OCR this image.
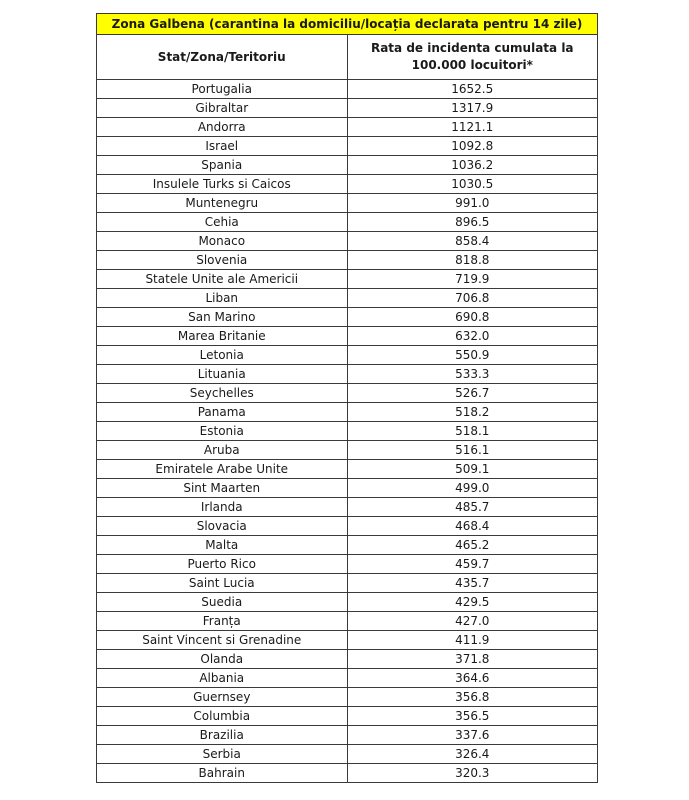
Zona Galbena (carantina la domiciliu/locația declarata pentru 14 zile)	
Stat/Zona/Teritoriu	Rata de incidenta cumulata la
100.000 locuitori*
Portugalia	1652.5
Gibraltar	1317.9
Andorra	1121.1
Israel	1092.8
Spania	1036.2
Insulele Turks si Caicos	1030.5
Muntenegru	991.0
Cehia	896.5
Monaco	858.4
Slovenia	818.8
Statele Unite ale Americii	719.9
Liban	706.8
San Marino	690.8
Marea Britanie	632.0
Letonia	550.9
Lituania	533.3
Seychelles	526.7
Panama	518.2
Estonia	518.1
Aruba	516.1
Emiratele Arabe Unite	509.1
Sint Maarten	499.0
Irlanda	485.7
Slovacia	468.4
Malta	465.2
Puerto Rico	459.7
Saint Lucia	435.7
Suedia	429.5
Franța	427.0
Saint Vincent si Grenadine	411.9
Olanda	371.8
Albania	364.6
Guernsey	356.8
Columbia	356.5
Brazilia	337.6
Serbia	326.4
Bahrain	320.3
